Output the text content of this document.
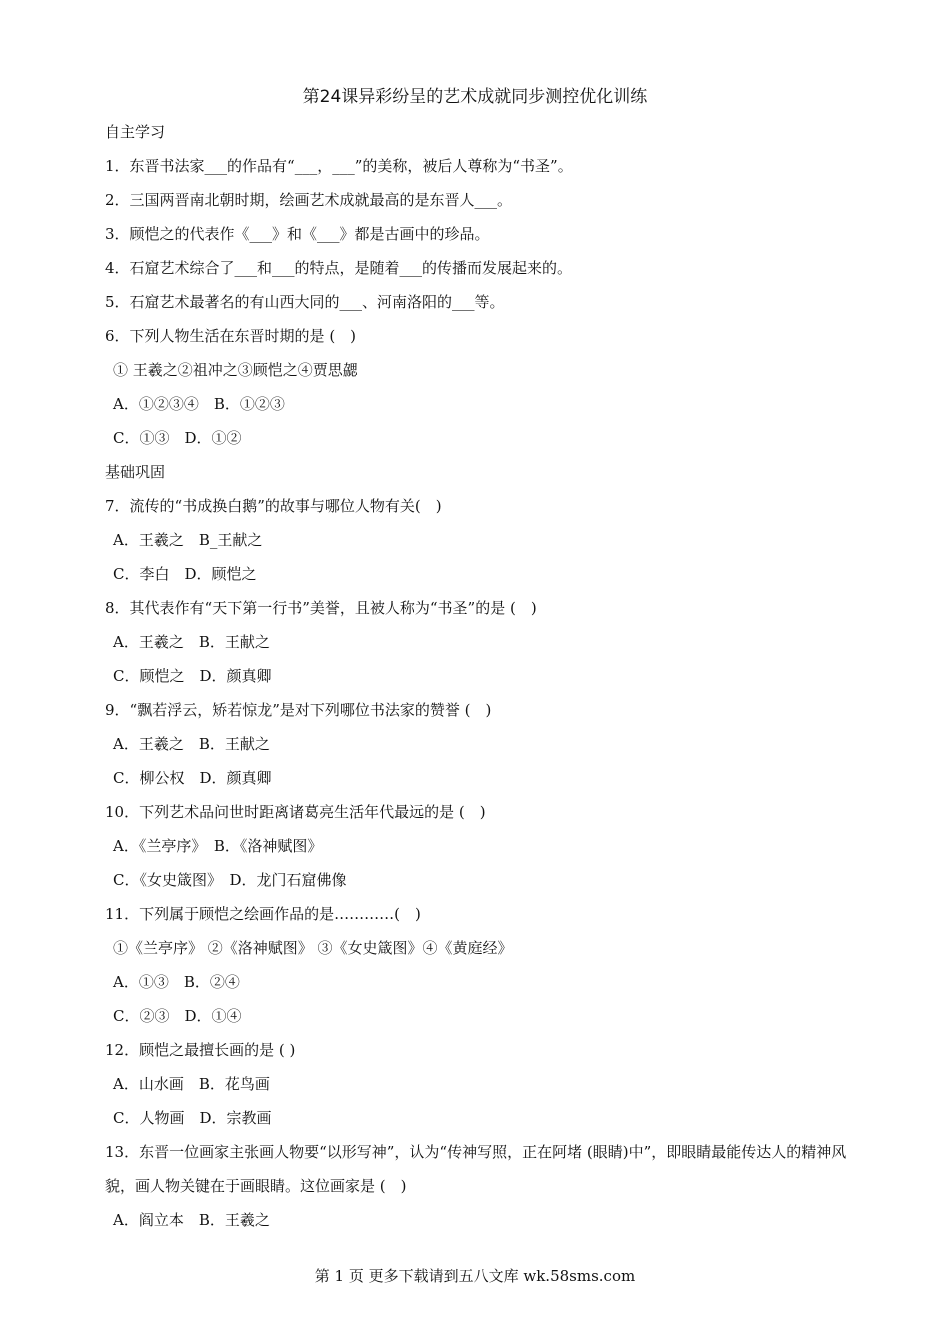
第24课异彩纷呈的艺术成就同步测控优化训练
自主学习
1．东晋书法家___的作品有“___，___”的美称，被后人尊称为“书圣”。
2．三国两晋南北朝时期，绘画艺术成就最高的是东晋人___。
3．顾恺之的代表作《___》和《___》都是古画中的珍品。
4．石窟艺术综合了___和___的特点，是随着___的传播而发展起来的。
5．石窟艺术最著名的有山西大同的___、河南洛阳的___等。
6．下列人物生活在东晋时期的是 (　)
① 王羲之②祖冲之③顾恺之④贾思勰
A．①②③④　B．①②③
C．①③　D．①②
基础巩固
7．流传的“书成换白鹅”的故事与哪位人物有关(　)
A．王羲之　B_王献之
C．李白　D．顾恺之
8．其代表作有“天下第一行书”美誉，且被人称为“书圣”的是 (　)
A．王羲之　B．王献之
C．顾恺之　D．颜真卿
9．“飘若浮云，矫若惊龙”是对下列哪位书法家的赞誉 (　)
A．王羲之　B．王献之
C．柳公权　D．颜真卿
10．下列艺术品问世时距离诸葛亮生活年代最远的是 (　)
A．《兰亭序》　B．《洛神赋图》
C．《女史箴图》　D．龙门石窟佛像
11．下列属于顾恺之绘画作品的是…………(　)
①《兰亭序》 ②《洛神赋图》 ③《女史箴图》④《黄庭经》
A．①③　B．②④
C．②③　D．①④
12．顾恺之最擅长画的是 ( )
A．山水画　B．花鸟画
C．人物画　D．宗教画
13．东晋一位画家主张画人物要“以形写神”，认为“传神写照，正在阿堵 (眼睛)中”，即眼睛最能传达人的精神风貌，画人物关键在于画眼睛。这位画家是 (　)
A．阎立本　B．王羲之
第 1 页 更多下载请到五八文库 wk.58sms.com
